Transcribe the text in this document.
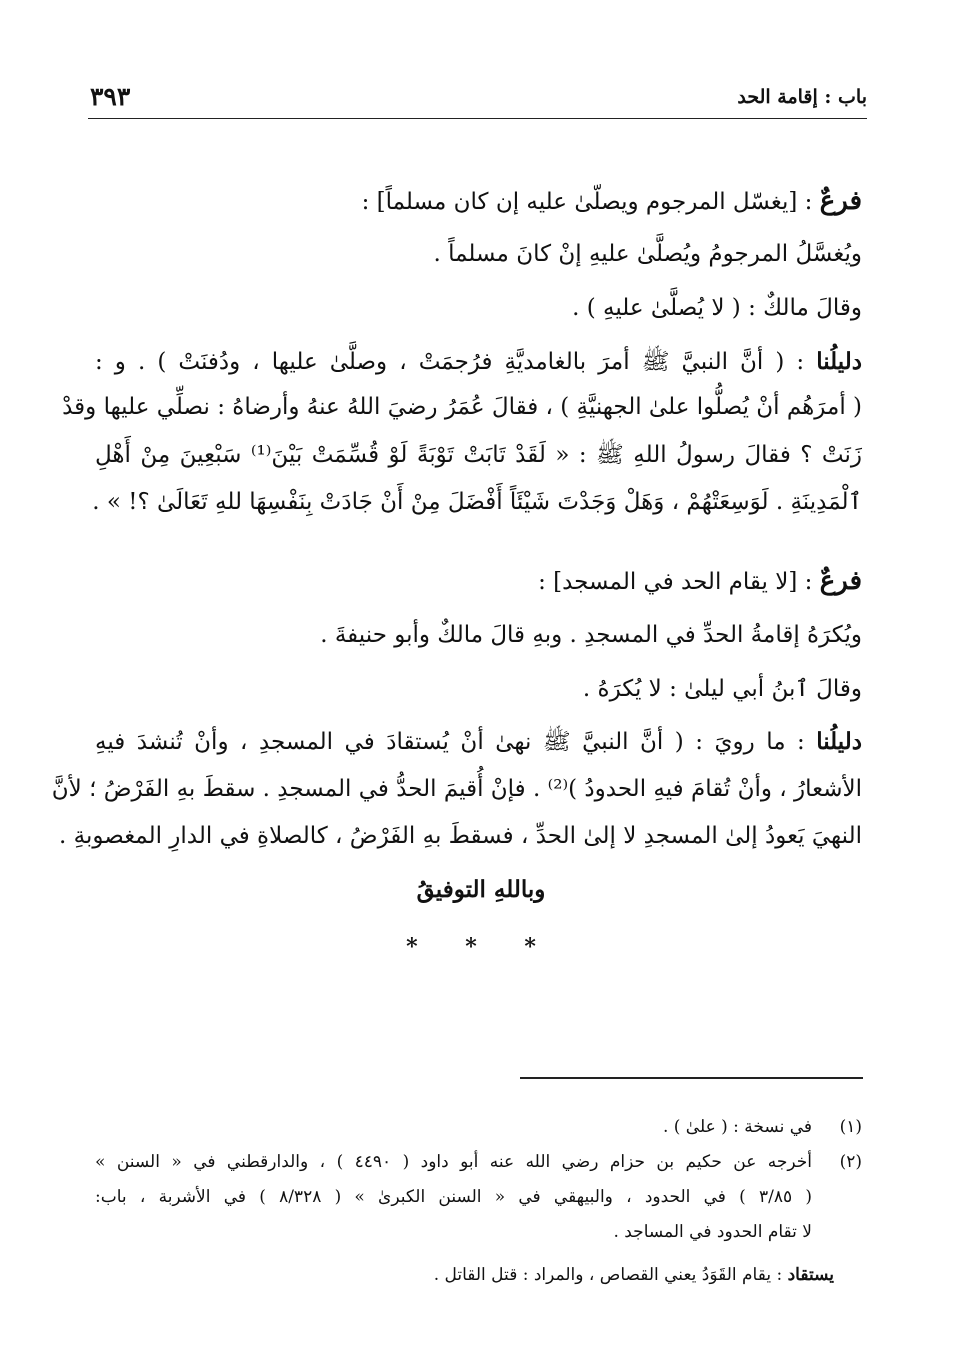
باب : إقامة الحد
٣٩٣
فرعٌ : [يغسّل المرجوم ويصلّىٰ عليه إن كان مسلماً] :
ويُغسَّلُ المرجومُ ويُصلَّىٰ عليهِ إنْ كانَ مسلماً .
وقالَ مالكٌ : ( لا يُصلَّىٰ عليهِ ) .
دليلُنا : ( أنَّ النبيَّ ﷺ أمرَ بالغامديَّةِ فرُجمَتْ ، وصلَّىٰ عليها ، ودُفنَتْ ) . و :
( أمرَهُم أنْ يُصلُّوا علىٰ الجهنيَّةِ ) ، فقالَ عُمَرُ رضيَ اللهُ عنهُ وأرضاهُ : نصلِّي عليها وقدْ
زَنَتْ ؟ فقالَ رسولُ اللهِ ﷺ : « لَقَدْ تَابَتْ تَوْبَةً لَوْ قُسِّمَتْ بَيْنَ⁽¹⁾ سَبْعِينَ مِنْ أَهْلِ
ٱلْمَدِينَةِ . لَوَسِعَتْهُمْ ، وَهَلْ وَجَدْتَ شَيْئَاً أَفْضَلَ مِنْ أَنْ جَادَتْ بِنَفْسِهَا للهِ تَعَالَىٰ ؟! » .
فرعٌ : [لا يقام الحد في المسجد] :
ويُكرَهُ إقامةُ الحدِّ في المسجدِ . وبهِ قالَ مالكٌ وأبو حنيفةَ .
وقالَ ٱبنُ أبي ليلىٰ : لا يُكرَهُ .
دليلُنا : ما رويَ : ( أنَّ النبيَّ ﷺ نهىٰ أنْ يُستقادَ في المسجدِ ، وأنْ تُنشدَ فيهِ
الأشعارُ ، وأنْ تُقامَ فيهِ الحدودُ )⁽²⁾ . فإنْ أُقيمَ الحدُّ في المسجدِ . سقطَ بهِ الفَرْضُ ؛ لأنَّ
النهيَ يَعودُ إلىٰ المسجدِ لا إلىٰ الحدِّ ، فسقطَ بهِ الفَرْضُ ، كالصلاةِ في الدارِ المغصوبةِ .
وباللهِ التوفيقُ
* * *
(١)
في نسخة : ( علىٰ ) .
(٢)
أخرجه عن حكيم بن حزام رضي الله عنه أبو داود ( ٤٤٩٠ ) ، والدارقطني في « السنن »
( ٣/٨٥ ) في الحدود ، والبيهقي في « السنن الكبرىٰ » ( ٨/٣٢٨ ) في الأشربة ، باب:
لا تقام الحدود في المساجد .
يستقاد : يقام القَوَدُ يعني القصاص ، والمراد : قتل القاتل .
